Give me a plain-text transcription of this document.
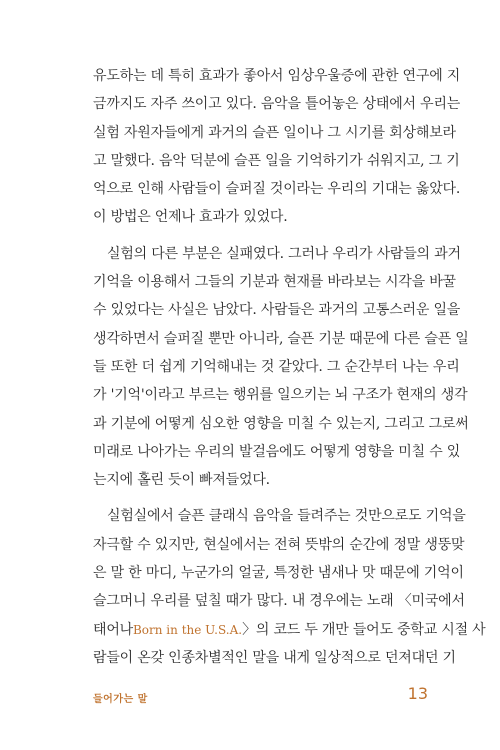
유도하는 데 특히 효과가 좋아서 임상우울증에 관한 연구에 지
금까지도 자주 쓰이고 있다. 음악을 틀어놓은 상태에서 우리는
실험 자원자들에게 과거의 슬픈 일이나 그 시기를 회상해보라
고 말했다. 음악 덕분에 슬픈 일을 기억하기가 쉬워지고, 그 기
억으로 인해 사람들이 슬퍼질 것이라는 우리의 기대는 옳았다.
이 방법은 언제나 효과가 있었다.
실험의 다른 부분은 실패였다. 그러나 우리가 사람들의 과거
기억을 이용해서 그들의 기분과 현재를 바라보는 시각을 바꿀
수 있었다는 사실은 남았다. 사람들은 과거의 고통스러운 일을
생각하면서 슬퍼질 뿐만 아니라, 슬픈 기분 때문에 다른 슬픈 일
들 또한 더 쉽게 기억해내는 것 같았다. 그 순간부터 나는 우리
가 '기억'이라고 부르는 행위를 일으키는 뇌 구조가 현재의 생각
과 기분에 어떻게 심오한 영향을 미칠 수 있는지, 그리고 그로써
미래로 나아가는 우리의 발걸음에도 어떻게 영향을 미칠 수 있
는지에 홀린 듯이 빠져들었다.
실험실에서 슬픈 클래식 음악을 들려주는 것만으로도 기억을
자극할 수 있지만, 현실에서는 전혀 뜻밖의 순간에 정말 생뚱맞
은 말 한 마디, 누군가의 얼굴, 특정한 냄새나 맛 때문에 기억이
슬그머니 우리를 덮칠 때가 많다. 내 경우에는 노래 〈미국에서
태어나Born in the U.S.A.〉의 코드 두 개만 들어도 중학교 시절 사
람들이 온갖 인종차별적인 말을 내게 일상적으로 던져대던 기
들어가는 말	13
